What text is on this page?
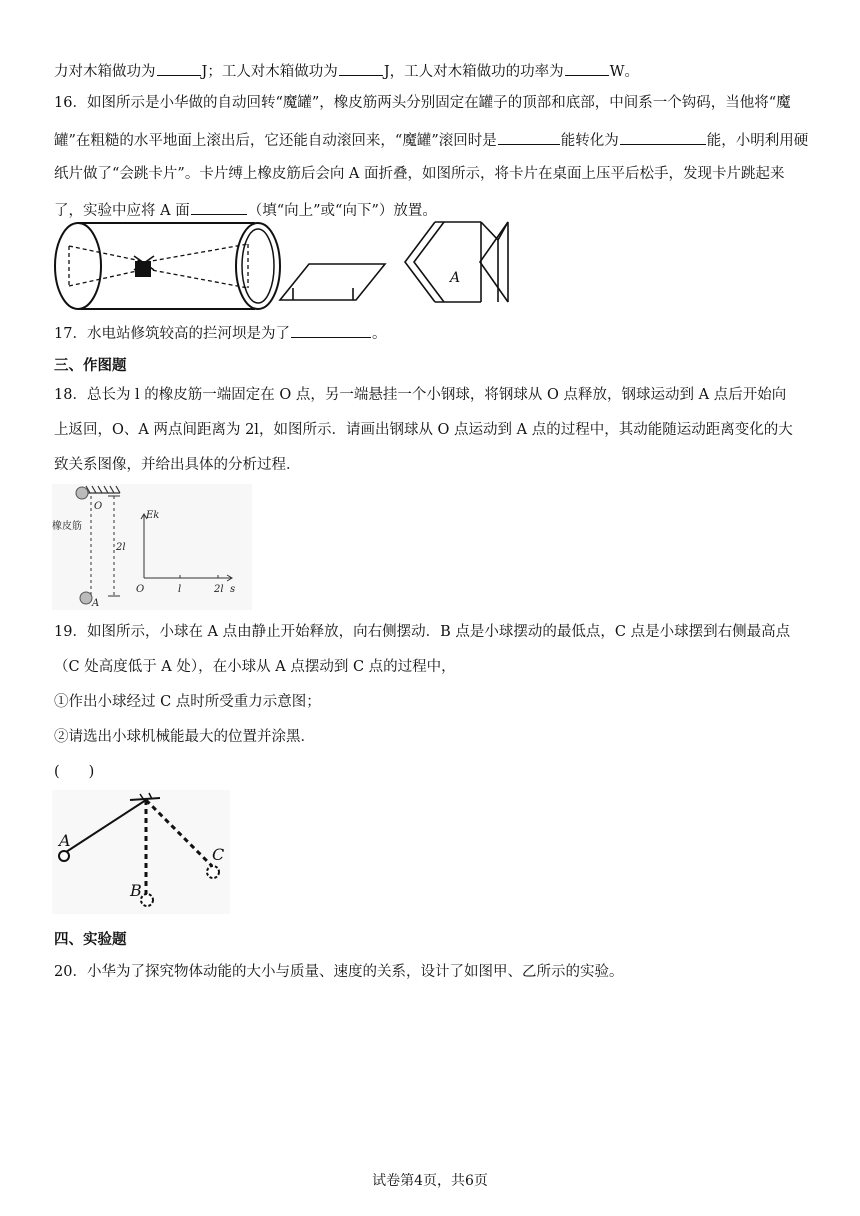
力对木箱做功为	J；工人对木箱做功为	J，工人对木箱做功的功率为	W。
16．如图所示是小华做的自动回转“魔罐”，橡皮筋两头分别固定在罐子的顶部和底部，中间系一个钩码，当他将“魔
罐”在粗糙的水平地面上滚出后，它还能自动滚回来，“魔罐”滚回时是	能转化为	能，小明利用硬
纸片做了“会跳卡片”。卡片缚上橡皮筋后会向 A 面折叠，如图所示，将卡片在桌面上压平后松手，发现卡片跳起来
了，实验中应将 A 面	（填“向上”或“向下”）放置。
A
17．水电站修筑较高的拦河坝是为了	。
三、作图题
18．总长为 l 的橡皮筋一端固定在 O 点，另一端悬挂一个小钢球，将钢球从 O 点释放，钢球运动到 A 点后开始向
上返回，O、A 两点间距离为 2l，如图所示．请画出钢球从 O 点运动到 A 点的过程中，其动能随运动距离变化的大
致关系图像，并给出具体的分析过程．
O
橡皮筋
2l
A
Ek
O	l	2l s
19．如图所示，小球在 A 点由静止开始释放，向右侧摆动．B 点是小球摆动的最低点，C 点是小球摆到右侧最高点
（C 处高度低于 A 处），在小球从 A 点摆动到 C 点的过程中，
①作出小球经过 C 点时所受重力示意图；
②请选出小球机械能最大的位置并涂黑．
(　　)
A
B
C
四、实验题
20．小华为了探究物体动能的大小与质量、速度的关系，设计了如图甲、乙所示的实验。
试卷第4页，共6页
